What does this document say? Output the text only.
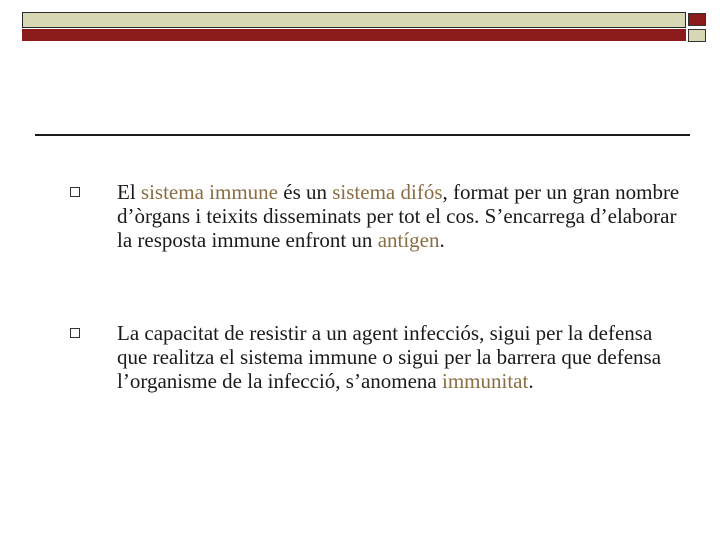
El sistema immune és un sistema difós, format per un gran nombre d’òrgans i teixits disseminats per tot el cos. S’encarrega d’elaborar la resposta immune enfront un antígen.

La capacitat de resistir a un agent infecciós, sigui per la defensa que realitza el sistema immune o sigui per la barrera que defensa l’organisme de la infecció, s’anomena immunitat.
